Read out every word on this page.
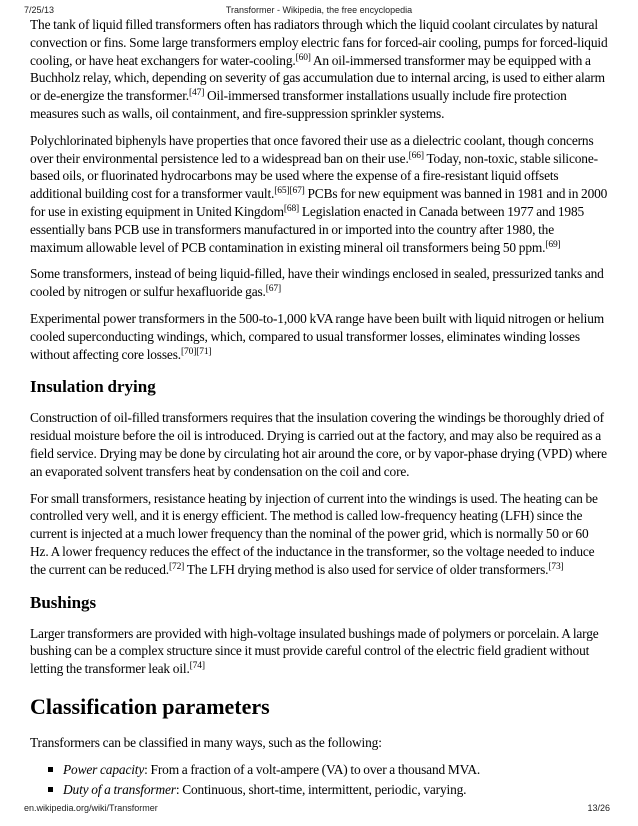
7/25/13	Transformer - Wikipedia, the free encyclopedia

The tank of liquid filled transformers often has radiators through which the liquid coolant circulates by natural convection or fins. Some large transformers employ electric fans for forced-air cooling, pumps for forced-liquid cooling, or have heat exchangers for water-cooling.[60] An oil-immersed transformer may be equipped with a Buchholz relay, which, depending on severity of gas accumulation due to internal arcing, is used to either alarm or de-energize the transformer.[47] Oil-immersed transformer installations usually include fire protection measures such as walls, oil containment, and fire-suppression sprinkler systems.

Polychlorinated biphenyls have properties that once favored their use as a dielectric coolant, though concerns over their environmental persistence led to a widespread ban on their use.[66] Today, non-toxic, stable silicone-based oils, or fluorinated hydrocarbons may be used where the expense of a fire-resistant liquid offsets additional building cost for a transformer vault.[65][67] PCBs for new equipment was banned in 1981 and in 2000 for use in existing equipment in United Kingdom[68] Legislation enacted in Canada between 1977 and 1985 essentially bans PCB use in transformers manufactured in or imported into the country after 1980, the maximum allowable level of PCB contamination in existing mineral oil transformers being 50 ppm.[69]

Some transformers, instead of being liquid-filled, have their windings enclosed in sealed, pressurized tanks and cooled by nitrogen or sulfur hexafluoride gas.[67]

Experimental power transformers in the 500-to-1,000 kVA range have been built with liquid nitrogen or helium cooled superconducting windings, which, compared to usual transformer losses, eliminates winding losses without affecting core losses.[70][71]

Insulation drying

Construction of oil-filled transformers requires that the insulation covering the windings be thoroughly dried of residual moisture before the oil is introduced. Drying is carried out at the factory, and may also be required as a field service. Drying may be done by circulating hot air around the core, or by vapor-phase drying (VPD) where an evaporated solvent transfers heat by condensation on the coil and core.

For small transformers, resistance heating by injection of current into the windings is used. The heating can be controlled very well, and it is energy efficient. The method is called low-frequency heating (LFH) since the current is injected at a much lower frequency than the nominal of the power grid, which is normally 50 or 60 Hz. A lower frequency reduces the effect of the inductance in the transformer, so the voltage needed to induce the current can be reduced.[72] The LFH drying method is also used for service of older transformers.[73]

Bushings

Larger transformers are provided with high-voltage insulated bushings made of polymers or porcelain. A large bushing can be a complex structure since it must provide careful control of the electric field gradient without letting the transformer leak oil.[74]

Classification parameters

Transformers can be classified in many ways, such as the following:

Power capacity: From a fraction of a volt-ampere (VA) to over a thousand MVA.
Duty of a transformer: Continuous, short-time, intermittent, periodic, varying.
en.wikipedia.org/wiki/Transformer	13/26
